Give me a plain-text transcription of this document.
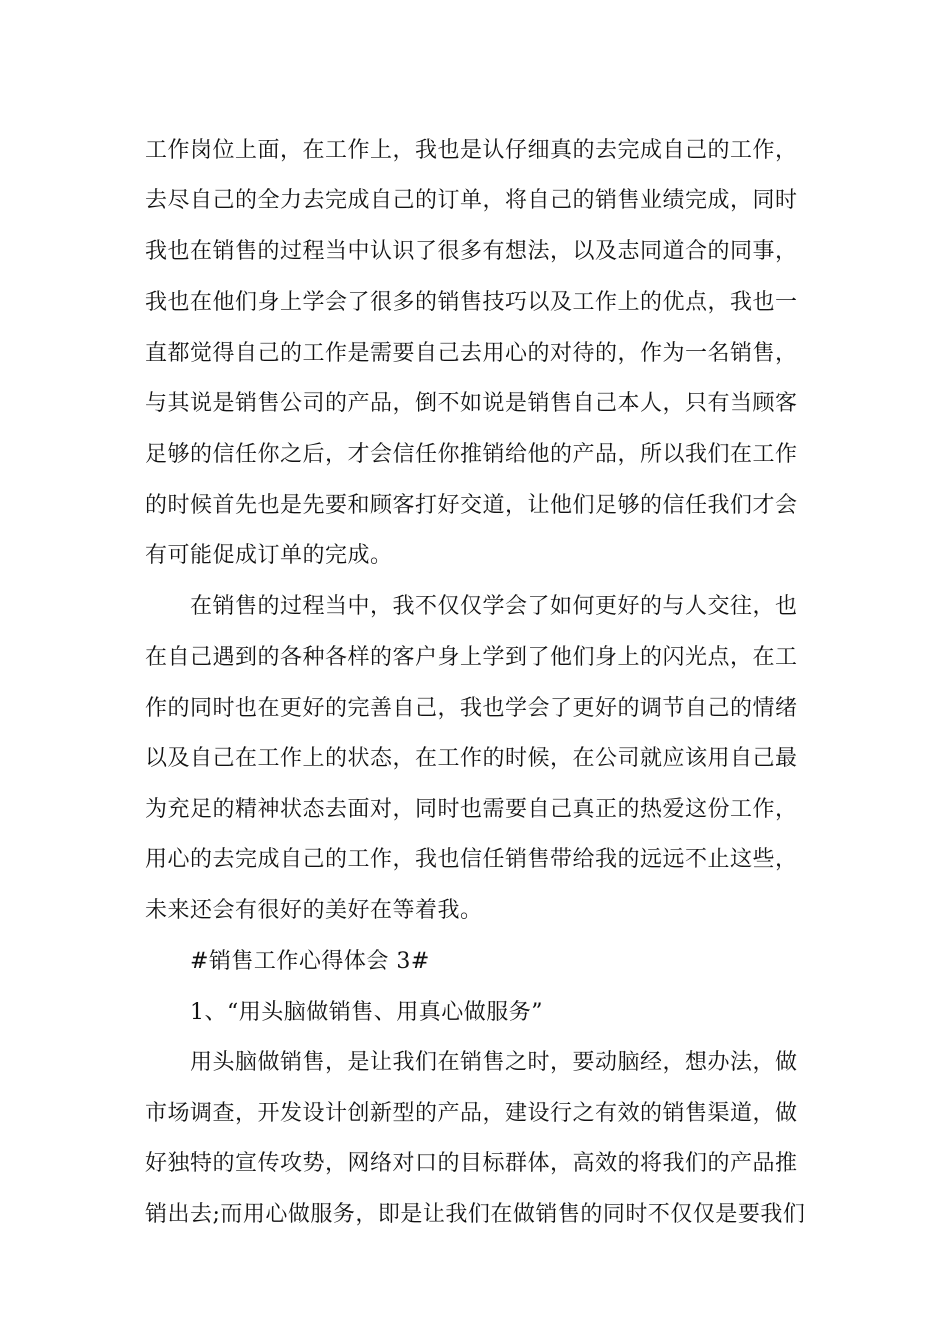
工作岗位上面，在工作上，我也是认仔细真的去完成自己的工作，
去尽自己的全力去完成自己的订单，将自己的销售业绩完成，同时
我也在销售的过程当中认识了很多有想法，以及志同道合的同事，
我也在他们身上学会了很多的销售技巧以及工作上的优点，我也一
直都觉得自己的工作是需要自己去用心的对待的，作为一名销售，
与其说是销售公司的产品，倒不如说是销售自己本人，只有当顾客
足够的信任你之后，才会信任你推销给他的产品，所以我们在工作
的时候首先也是先要和顾客打好交道，让他们足够的信任我们才会
有可能促成订单的完成。
在销售的过程当中，我不仅仅学会了如何更好的与人交往，也
在自己遇到的各种各样的客户身上学到了他们身上的闪光点，在工
作的同时也在更好的完善自己，我也学会了更好的调节自己的情绪
以及自己在工作上的状态，在工作的时候，在公司就应该用自己最
为充足的精神状态去面对，同时也需要自己真正的热爱这份工作，
用心的去完成自己的工作，我也信任销售带给我的远远不止这些，
未来还会有很好的美好在等着我。
#销售工作心得体会 3#
1、“用头脑做销售、用真心做服务”
用头脑做销售，是让我们在销售之时，要动脑经，想办法，做
市场调查，开发设计创新型的产品，建设行之有效的销售渠道，做
好独特的宣传攻势，网络对口的目标群体，高效的将我们的产品推
销出去;而用心做服务，即是让我们在做销售的同时不仅仅是要我们
